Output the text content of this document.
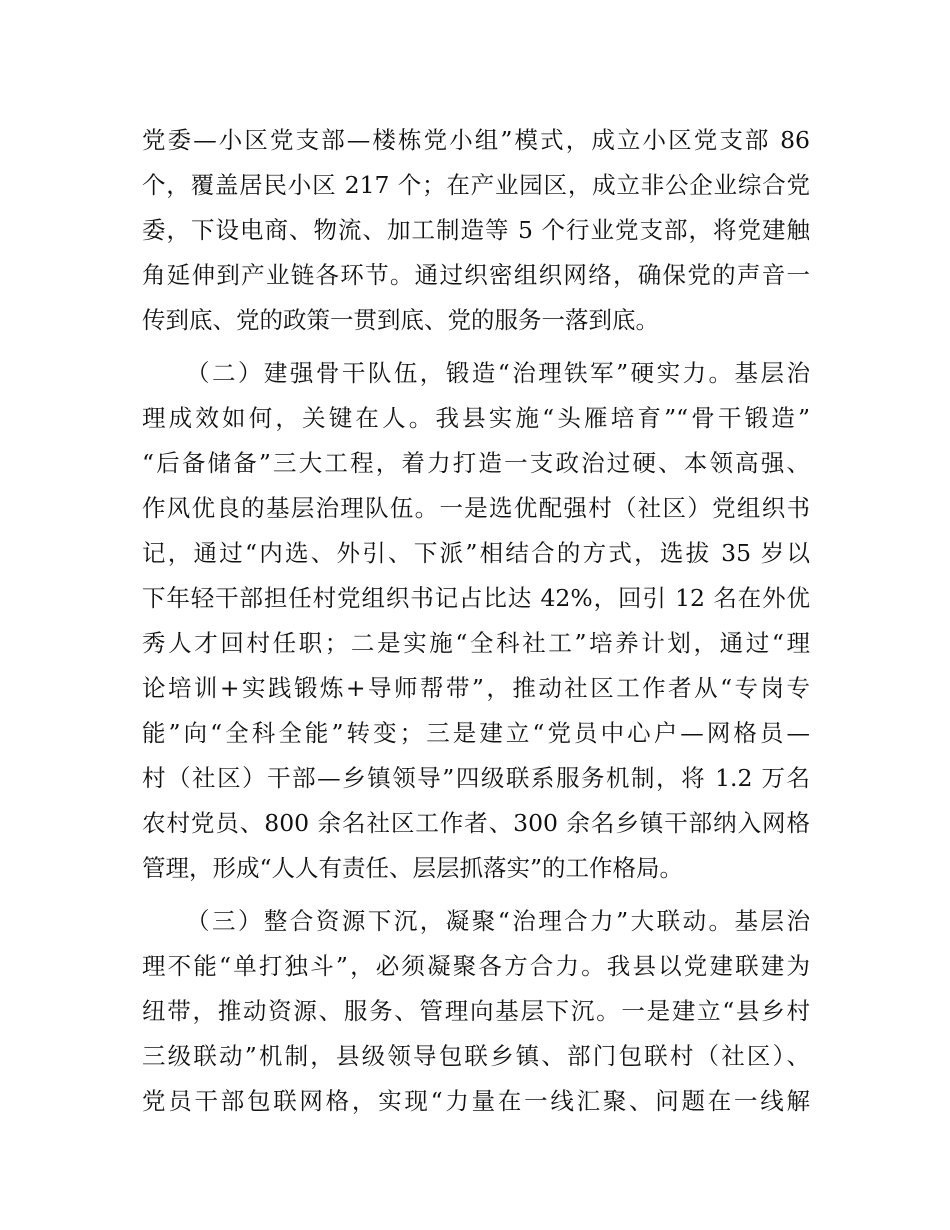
党委—小区党支部—楼栋党小组”模式，成立小区党支部 86
个，覆盖居民小区 217 个；在产业园区，成立非公企业综合党
委，下设电商、物流、加工制造等 5 个行业党支部，将党建触
角延伸到产业链各环节。通过织密组织网络，确保党的声音一
传到底、党的政策一贯到底、党的服务一落到底。
（二）建强骨干队伍，锻造“治理铁军”硬实力。基层治
理成效如何，关键在人。我县实施“头雁培育”“骨干锻造”
“后备储备”三大工程，着力打造一支政治过硬、本领高强、
作风优良的基层治理队伍。一是选优配强村（社区）党组织书
记，通过“内选、外引、下派”相结合的方式，选拔 35 岁以
下年轻干部担任村党组织书记占比达 42%，回引 12 名在外优
秀人才回村任职；二是实施“全科社工”培养计划，通过“理
论培训+实践锻炼+导师帮带”，推动社区工作者从“专岗专
能”向“全科全能”转变；三是建立“党员中心户—网格员—
村（社区）干部—乡镇领导”四级联系服务机制，将 1.2 万名
农村党员、800 余名社区工作者、300 余名乡镇干部纳入网格
管理，形成“人人有责任、层层抓落实”的工作格局。
（三）整合资源下沉，凝聚“治理合力”大联动。基层治
理不能“单打独斗”，必须凝聚各方合力。我县以党建联建为
纽带，推动资源、服务、管理向基层下沉。一是建立“县乡村
三级联动”机制，县级领导包联乡镇、部门包联村（社区）、
党员干部包联网格，实现“力量在一线汇聚、问题在一线解
